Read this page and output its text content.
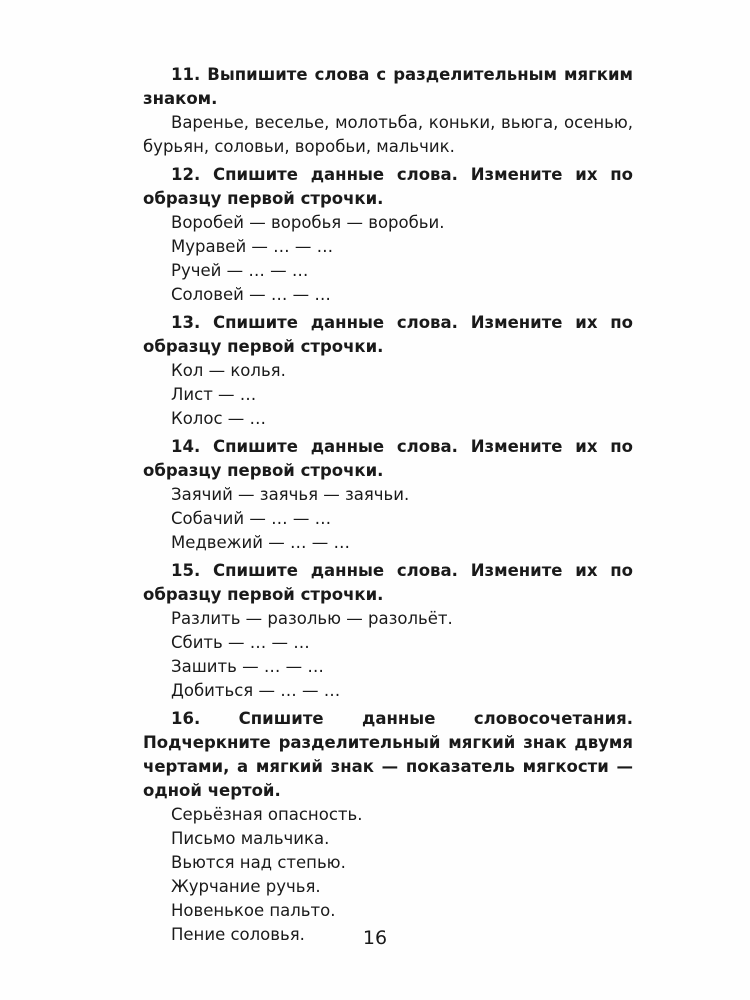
11. Выпишите слова с разделительным мягким знаком.

Варенье, веселье, молотьба, коньки, вьюга, осенью, бурьян, соловьи, воробьи, мальчик.

12. Спишите данные слова. Измените их по образцу первой строчки.

Воробей — воробья — воробьи.

Муравей — … — …

Ручей — … — …

Соловей — … — …

13. Спишите данные слова. Измените их по образцу первой строчки.

Кол — колья.

Лист — …

Колос — …

14. Спишите данные слова. Измените их по образцу первой строчки.

Заячий — заячья — заячьи.

Собачий — … — …

Медвежий — … — …

15. Спишите данные слова. Измените их по образцу первой строчки.

Разлить — разолью — разольёт.

Сбить — … — …

Зашить — … — …

Добиться — … — …

16. Спишите данные словосочетания. Подчеркните разделительный мягкий знак двумя чертами, а мягкий знак — показатель мягкости — одной чертой.

Серьёзная опасность.

Письмо мальчика.

Вьются над степью.

Журчание ручья.

Новенькое пальто.

Пение соловья.	16
